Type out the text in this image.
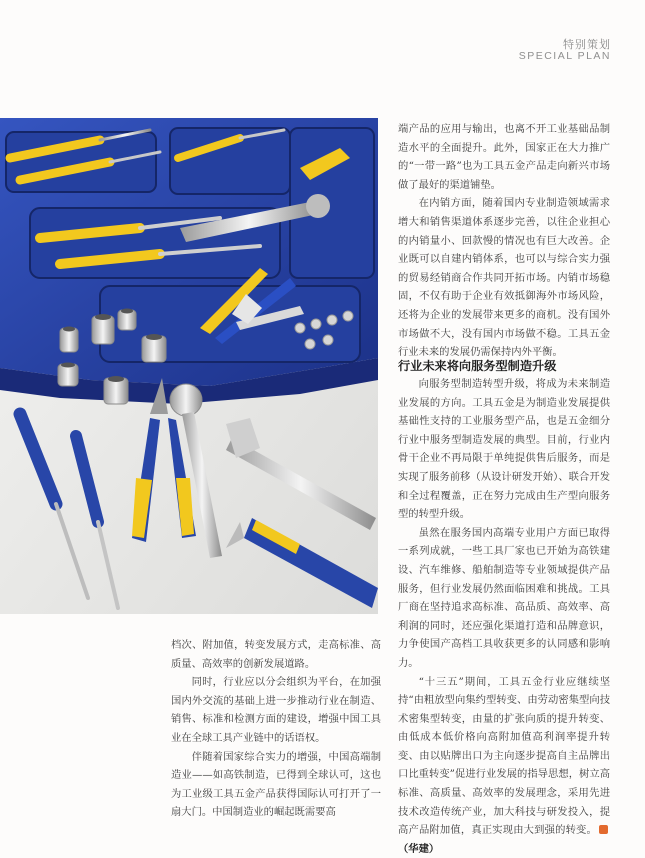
特别策划
SPECIAL PLAN

端产品的应用与输出，也离不开工业基础品制造水平的全面提升。此外，国家正在大力推广的“一带一路”也为工具五金产品走向新兴市场做了最好的渠道铺垫。

在内销方面，随着国内专业制造领域需求增大和销售渠道体系逐步完善，以往企业担心的内销量小、回款慢的情况也有巨大改善。企业既可以自建内销体系，也可以与综合实力强的贸易经销商合作共同开拓市场。内销市场稳固，不仅有助于企业有效抵御海外市场风险，还将为企业的发展带来更多的商机。没有国外市场做不大，没有国内市场做不稳。工具五金行业未来的发展仍需保持内外平衡。

行业未来将向服务型制造升级

向服务型制造转型升级，将成为未来制造业发展的方向。工具五金是为制造业发展提供基础性支持的工业服务型产品，也是五金细分行业中服务型制造发展的典型。目前，行业内骨干企业不再局限于单纯提供售后服务，而是实现了服务前移（从设计研发开始）、联合开发和全过程覆盖，正在努力完成由生产型向服务型的转型升级。

虽然在服务国内高端专业用户方面已取得一系列成就，一些工具厂家也已开始为高铁建设、汽车维修、船舶制造等专业领域提供产品服务，但行业发展仍然面临困难和挑战。工具厂商在坚持追求高标准、高品质、高效率、高利润的同时，还应强化渠道打造和品牌意识，力争使国产高档工具收获更多的认同感和影响力。

“十三五”期间，工具五金行业应继续坚持“由粗放型向集约型转变、由劳动密集型向技术密集型转变，由量的扩张向质的提升转变、由低成本低价格向高附加值高利润率提升转变、由以贴牌出口为主向逐步提高自主品牌出口比重转变”促进行业发展的指导思想，树立高标准、高质量、高效率的发展理念，采用先进技术改造传统产业，加大科技与研发投入，提高产品附加值，真正实现由大到强的转变。（华建）

档次、附加值，转变发展方式，走高标准、高质量、高效率的创新发展道路。

同时，行业应以分会组织为平台，在加强国内外交流的基础上进一步推动行业在制造、销售、标准和检测方面的建设，增强中国工具业在全球工具产业链中的话语权。

伴随着国家综合实力的增强，中国高端制造业——如高铁制造，已得到全球认可，这也为工业级工具五金产品获得国际认可打开了一扇大门。中国制造业的崛起既需要高
